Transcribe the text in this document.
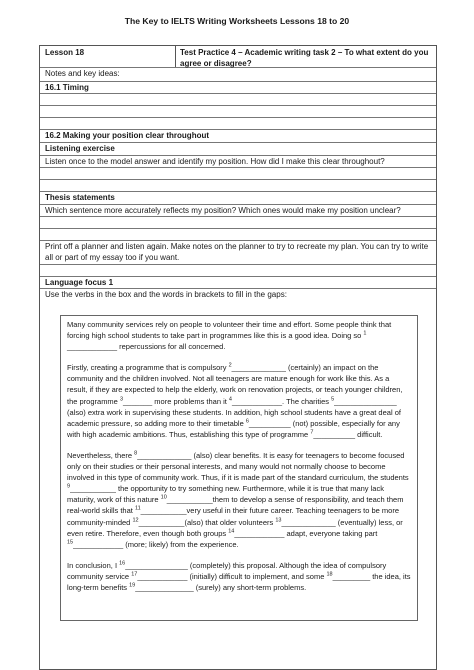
The Key to IELTS Writing Worksheets Lessons 18 to 20
Lesson 18	Test Practice 4 – Academic writing task 2 – To what extent do you agree or disagree?
Notes and key ideas:
16.1 Timing
16.2 Making your position clear throughout
Listening exercise
Listen once to the model answer and identify my position. How did I make this clear throughout?
Thesis statements
Which sentence more accurately reflects my position? Which ones would make my position unclear?
Print off a planner and listen again. Make notes on the planner to try to recreate my plan. You can try to write all or part of my essay too if you want.
Language focus 1
Use the verbs in the box and the words in brackets to fill in the gaps:

Many community services rely on people to volunteer their time and effort. Some people think that forcing high school students to take part in programmes like this is a good idea. Doing so $^1$ ____________ repercussions for all concerned.

Firstly, creating a programme that is compulsory $^2$_____________ (certainly) an impact on the community and the children involved. Not all teenagers are mature enough for work like this. As a result, if they are expected to help the elderly, work on renovation projects, or teach younger children, the programme $^3$_______ more problems than it $^4$____________. The charities $^5$_______________ (also) extra work in supervising these students. In addition, high school students have a great deal of academic pressure, so adding more to their timetable $^6$__________ (not) possible, especially for any with high academic ambitions. Thus, establishing this type of programme $^7$__________ difficult.

Nevertheless, there $^8$_____________ (also) clear benefits. It is easy for teenagers to become focused only on their studies or their personal interests, and many would not normally choose to become involved in this type of community work. Thus, if it is made part of the standard curriculum, the students $^9$___________ the opportunity to try something new. Furthermore, while it is true that many lack maturity, work of this nature $^{10}$___________them to develop a sense of responsibility, and teach them real-world skills that $^{11}$___________very useful in their future career. Teaching teenagers to be more community-minded $^{12}$___________(also) that older volunteers $^{13}$_____________ (eventually) less, or even retire. Therefore, even though both groups $^{14}$____________ adapt, everyone taking part $^{15}$____________ (more; likely) from the experience.

In conclusion, I $^{16}$_______________ (completely) this proposal. Although the idea of compulsory community service $^{17}$____________ (initially) difficult to implement, and some $^{18}$_________ the idea, its long-term benefits $^{19}$______________ (surely) any short-term problems.
